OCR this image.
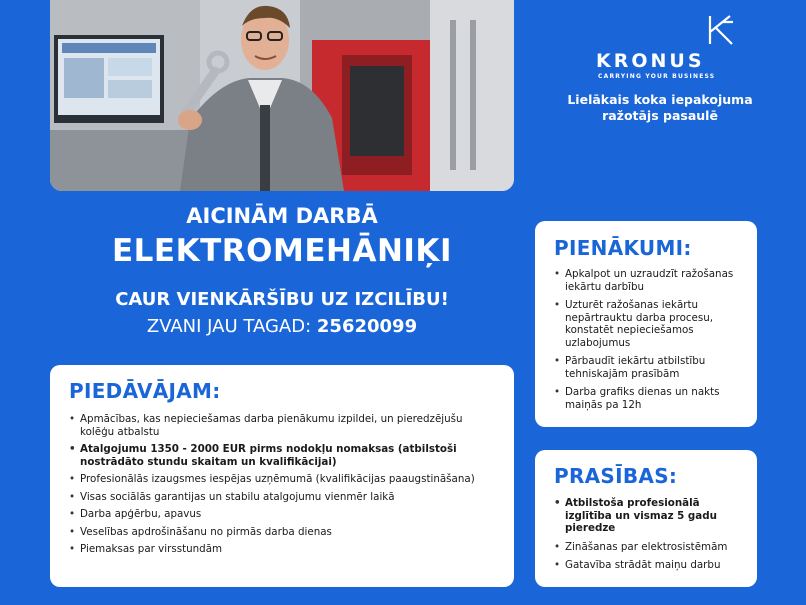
KRONUS
CARRYING YOUR BUSINESS
Lielākais koka iepakojuma
ražotājs pasaulē
AICINĀM DARBĀ
ELEKTROMEHĀNIĶI
CAUR VIENKĀRŠĪBU UZ IZCILĪBU!
ZVANI JAU TAGAD: 25620099
PIEDĀVĀJAM:
• Apmācības, kas nepieciešamas darba pienākumu izpildei, un pieredzējušu kolēģu atbalstu
• Atalgojumu 1350 - 2000 EUR pirms nodokļu nomaksas (atbilstoši nostrādāto stundu skaitam un kvalifikācijai)
• Profesionālās izaugsmes iespējas uzņēmumā (kvalifikācijas paaugstināšana)
• Visas sociālās garantijas un stabilu atalgojumu vienmēr laikā
• Darba apģērbu, apavus
• Veselības apdrošināšanu no pirmās darba dienas
• Piemaksas par virsstundām
PIENĀKUMI:
• Apkalpot un uzraudzīt ražošanas iekārtu darbību
• Uzturēt ražošanas iekārtu nepārtrauktu darba procesu, konstatēt nepieciešamos uzlabojumus
• Pārbaudīt iekārtu atbilstību tehniskajām prasībām
• Darba grafiks dienas un nakts maiņās pa 12h
PRASĪBAS:
• Atbilstoša profesionālā izglītība un vismaz 5 gadu pieredze
• Zināšanas par elektrosistēmām
• Gatavība strādāt maiņu darbu
